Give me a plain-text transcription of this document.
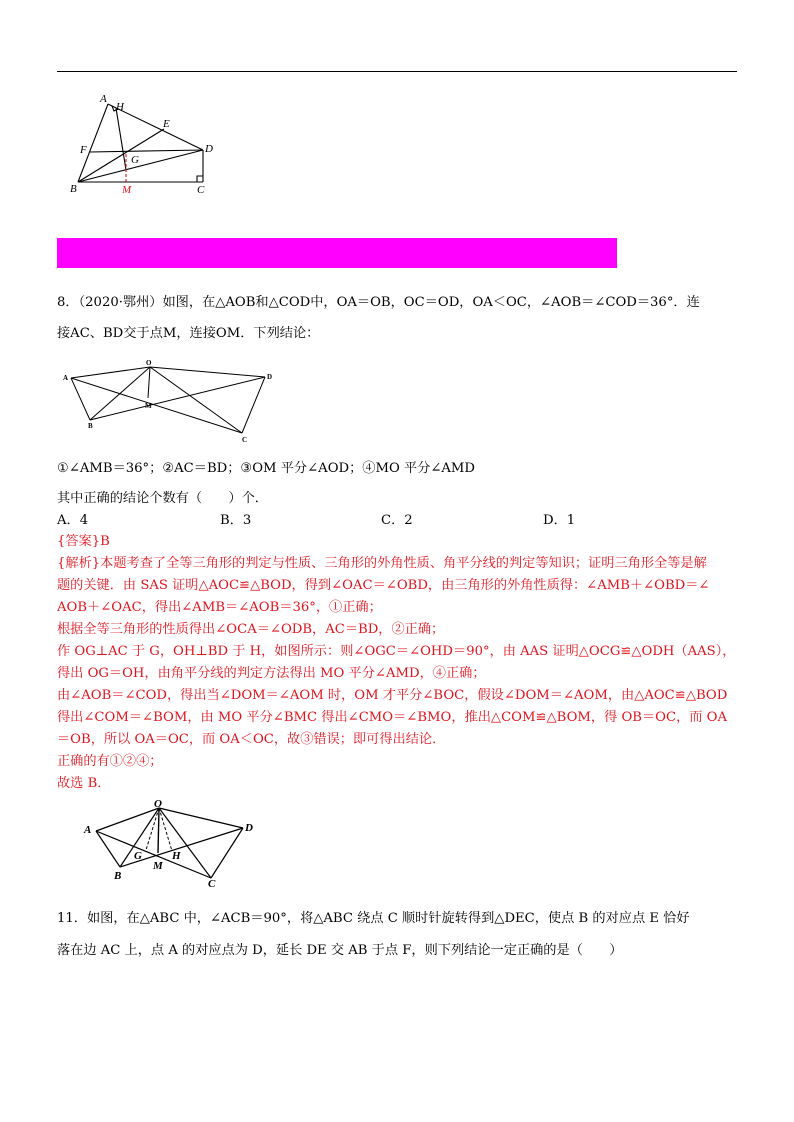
A
H
E
F
G
D
B	M	C
8．（2020·鄂州）如图，在△AOB和△COD中，OA＝OB，OC＝OD，OA＜OC，∠AOB＝∠COD＝36°．连
接AC、BD交于点M，连接OM．下列结论：
O
A	D
M
B
C
①∠AMB＝36°；②AC＝BD；③OM 平分∠AOD；④MO 平分∠AMD
其中正确的结论个数有（　　）个．
A．4	B．3	C．2	D．1
{答案}B
{解析}本题考查了全等三角形的判定与性质、三角形的外角性质、角平分线的判定等知识；证明三角形全等是解
题的关键．由 SAS 证明△AOC≌△BOD，得到∠OAC＝∠OBD，由三角形的外角性质得：∠AMB＋∠OBD＝∠
AOB＋∠OAC，得出∠AMB＝∠AOB＝36°，①正确；
根据全等三角形的性质得出∠OCA＝∠ODB，AC＝BD，②正确；
作 OG⊥AC 于 G，OH⊥BD 于 H，如图所示：则∠OGC＝∠OHD＝90°，由 AAS 证明△OCG≌△ODH（AAS），
得出 OG＝OH，由角平分线的判定方法得出 MO 平分∠AMD，④正确；
由∠AOB＝∠COD，得出当∠DOM＝∠AOM 时，OM 才平分∠BOC，假设∠DOM＝∠AOM，由△AOC≌△BOD
得出∠COM＝∠BOM，由 MO 平分∠BMC 得出∠CMO＝∠BMO，推出△COM≌△BOM，得 OB＝OC，而 OA
＝OB，所以 OA＝OC，而 OA＜OC，故③错误；即可得出结论．
正确的有①②④；
故选 B．
O
A	D
G	H
M
B
C
11．如图，在△ABC 中，∠ACB＝90°，将△ABC 绕点 C 顺时针旋转得到△DEC，使点 B 的对应点 E 恰好
落在边 AC 上，点 A 的对应点为 D，延长 DE 交 AB 于点 F，则下列结论一定正确的是（　　）
